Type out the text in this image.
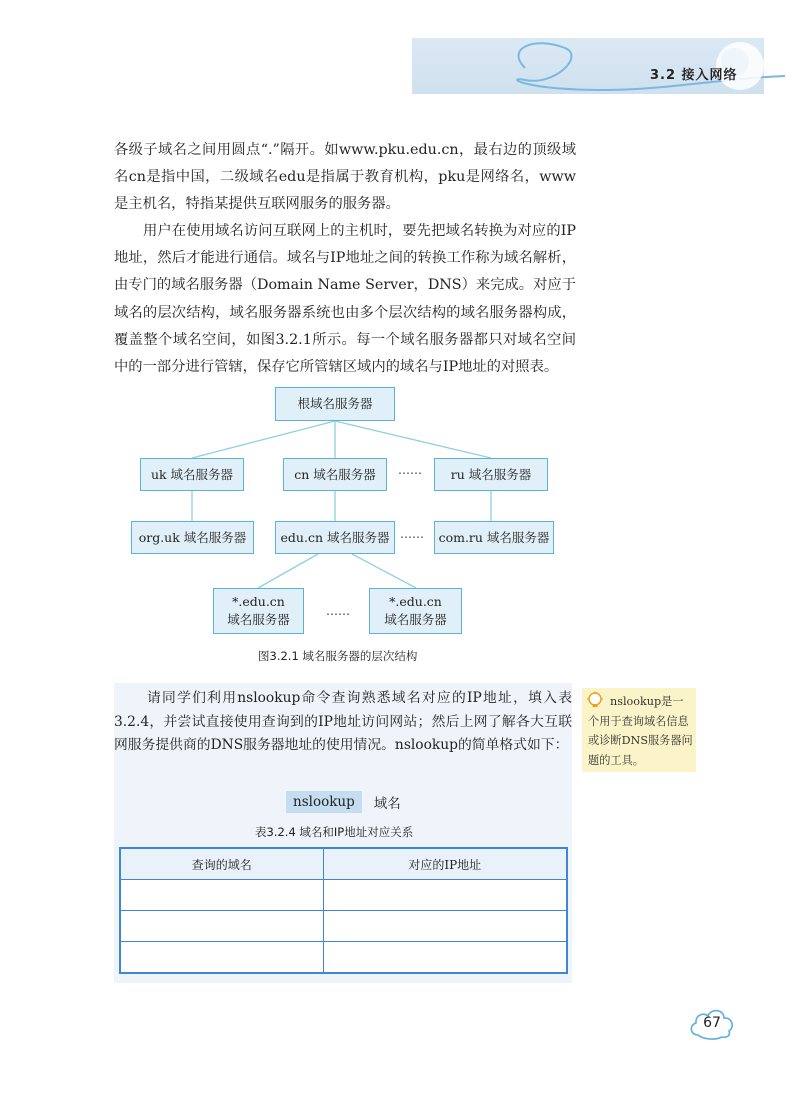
3.2 接入网络

各级子域名之间用圆点“.”隔开。如www.pku.edu.cn，最右边的顶级域名cn是指中国，二级域名edu是指属于教育机构，pku是网络名，www是主机名，特指某提供互联网服务的服务器。

用户在使用域名访问互联网上的主机时，要先把域名转换为对应的IP地址，然后才能进行通信。域名与IP地址之间的转换工作称为域名解析，由专门的域名服务器（Domain Name Server，DNS）来完成。对应于域名的层次结构，域名服务器系统也由多个层次结构的域名服务器构成，覆盖整个域名空间，如图3.2.1所示。每一个域名服务器都只对域名空间中的一部分进行管辖，保存它所管辖区域内的域名与IP地址的对照表。

根域名服务器
uk 域名服务器	cn 域名服务器	……	ru 域名服务器
org.uk 域名服务器	edu.cn 域名服务器 ……	com.ru 域名服务器
*.edu.cn
域名服务器
……
*.edu.cn
域名服务器
图3.2.1 域名服务器的层次结构

请同学们利用nslookup命令查询熟悉域名对应的IP地址，填入表3.2.4，并尝试直接使用查询到的IP地址访问网站；然后上网了解各大互联网服务提供商的DNS服务器地址的使用情况。nslookup的简单格式如下：

nslookup	域名
表3.2.4 域名和IP地址对应关系
查询的域名	对应的IP地址

nslookup是一个用于查询域名信息或诊断DNS服务器问题的工具。

67
